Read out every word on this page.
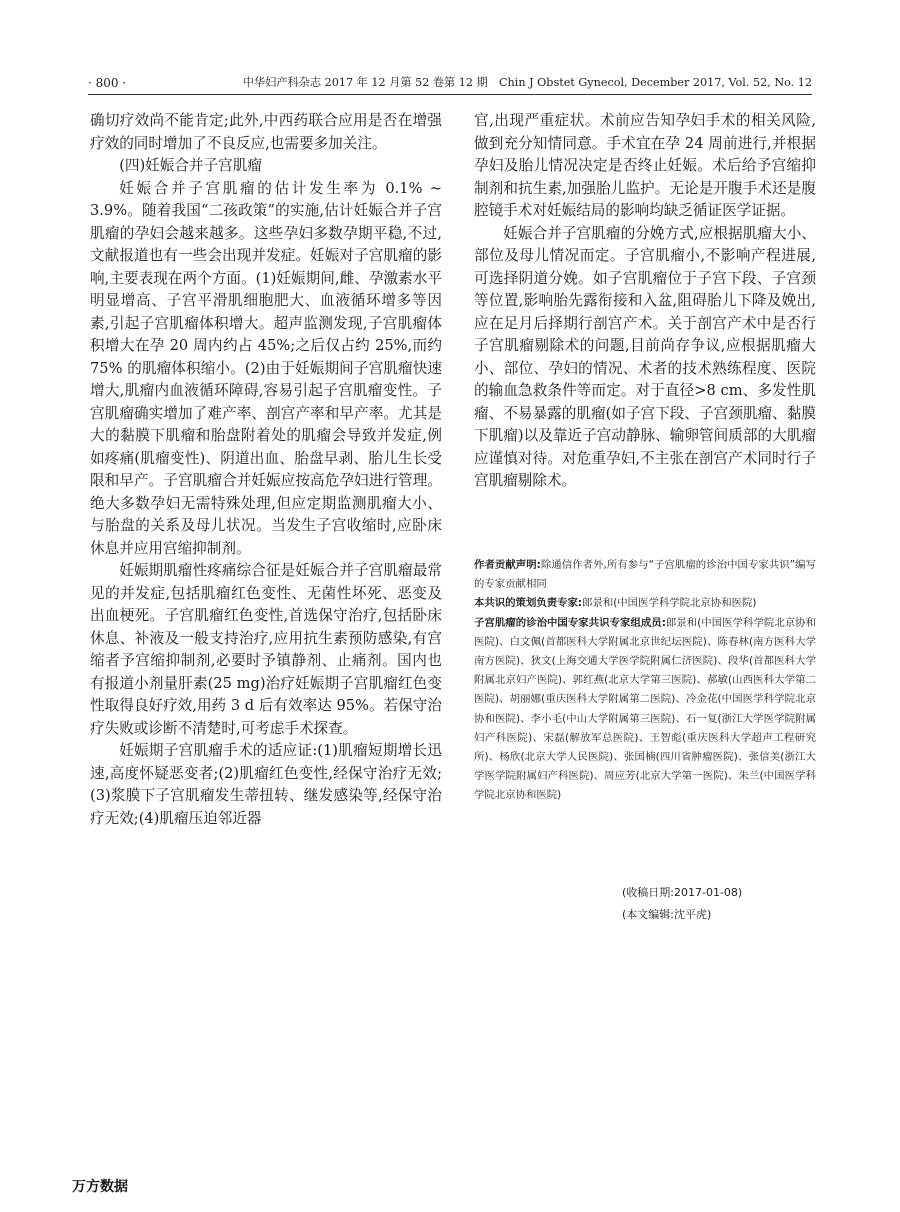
· 800 ·	中华妇产科杂志 2017 年 12 月第 52 卷第 12 期　Chin J Obstet Gynecol, December 2017, Vol. 52, No. 12

确切疗效尚不能肯定;此外,中西药联合应用是否在增强疗效的同时增加了不良反应,也需要多加关注。

(四)妊娠合并子宫肌瘤

妊娠合并子宫肌瘤的估计发生率为 0.1% ~ 3.9%。随着我国“二孩政策”的实施,估计妊娠合并子宫肌瘤的孕妇会越来越多。这些孕妇多数孕期平稳,不过,文献报道也有一些会出现并发症。妊娠对子宫肌瘤的影响,主要表现在两个方面。(1)妊娠期间,雌、孕激素水平明显增高、子宫平滑肌细胞肥大、血液循环增多等因素,引起子宫肌瘤体积增大。超声监测发现,子宫肌瘤体积增大在孕 20 周内约占 45%;之后仅占约 25%,而约 75% 的肌瘤体积缩小。(2)由于妊娠期间子宫肌瘤快速增大,肌瘤内血液循环障碍,容易引起子宫肌瘤变性。子宫肌瘤确实增加了难产率、剖宫产率和早产率。尤其是大的黏膜下肌瘤和胎盘附着处的肌瘤会导致并发症,例如疼痛(肌瘤变性)、阴道出血、胎盘早剥、胎儿生长受限和早产。子宫肌瘤合并妊娠应按高危孕妇进行管理。绝大多数孕妇无需特殊处理,但应定期监测肌瘤大小、与胎盘的关系及母儿状况。当发生子宫收缩时,应卧床休息并应用宫缩抑制剂。

妊娠期肌瘤性疼痛综合征是妊娠合并子宫肌瘤最常见的并发症,包括肌瘤红色变性、无菌性坏死、恶变及出血梗死。子宫肌瘤红色变性,首选保守治疗,包括卧床休息、补液及一般支持治疗,应用抗生素预防感染,有宫缩者予宫缩抑制剂,必要时予镇静剂、止痛剂。国内也有报道小剂量肝素(25 mg)治疗妊娠期子宫肌瘤红色变性取得良好疗效,用药 3 d 后有效率达 95%。若保守治疗失败或诊断不清楚时,可考虑手术探查。

妊娠期子宫肌瘤手术的适应证:(1)肌瘤短期增长迅速,高度怀疑恶变者;(2)肌瘤红色变性,经保守治疗无效;(3)浆膜下子宫肌瘤发生蒂扭转、继发感染等,经保守治疗无效;(4)肌瘤压迫邻近器

官,出现严重症状。术前应告知孕妇手术的相关风险,做到充分知情同意。手术宜在孕 24 周前进行,并根据孕妇及胎儿情况决定是否终止妊娠。术后给予宫缩抑制剂和抗生素,加强胎儿监护。无论是开腹手术还是腹腔镜手术对妊娠结局的影响均缺乏循证医学证据。

妊娠合并子宫肌瘤的分娩方式,应根据肌瘤大小、部位及母儿情况而定。子宫肌瘤小,不影响产程进展,可选择阴道分娩。如子宫肌瘤位于子宫下段、子宫颈等位置,影响胎先露衔接和入盆,阻碍胎儿下降及娩出,应在足月后择期行剖宫产术。关于剖宫产术中是否行子宫肌瘤剔除术的问题,目前尚存争议,应根据肌瘤大小、部位、孕妇的情况、术者的技术熟练程度、医院的输血急救条件等而定。对于直径>8 cm、多发性肌瘤、不易暴露的肌瘤(如子宫下段、子宫颈肌瘤、黏膜下肌瘤)以及靠近子宫动静脉、输卵管间质部的大肌瘤应谨慎对待。对危重孕妇,不主张在剖宫产术同时行子宫肌瘤剔除术。

作者贡献声明:除通信作者外,所有参与“子宫肌瘤的诊治中国专家共识”编写的专家贡献相同

本共识的策划负责专家:郎景和(中国医学科学院北京协和医院)

子宫肌瘤的诊治中国专家共识专家组成员:郎景和(中国医学科学院北京协和医院)、白文佩(首都医科大学附属北京世纪坛医院)、陈春林(南方医科大学南方医院)、狄文(上海交通大学医学院附属仁济医院)、段华(首都医科大学附属北京妇产医院)、郭红燕(北京大学第三医院)、郝敏(山西医科大学第二医院)、胡丽娜(重庆医科大学附属第二医院)、冷金花(中国医学科学院北京协和医院)、李小毛(中山大学附属第三医院)、石一复(浙江大学医学院附属妇产科医院)、宋磊(解放军总医院)、王智彪(重庆医科大学超声工程研究所)、杨欣(北京大学人民医院)、张国楠(四川省肿瘤医院)、张信美(浙江大学医学院附属妇产科医院)、周应芳(北京大学第一医院)、朱兰(中国医学科学院北京协和医院)

(收稿日期:2017-01-08)
(本文编辑:沈平虎)
万方数据
